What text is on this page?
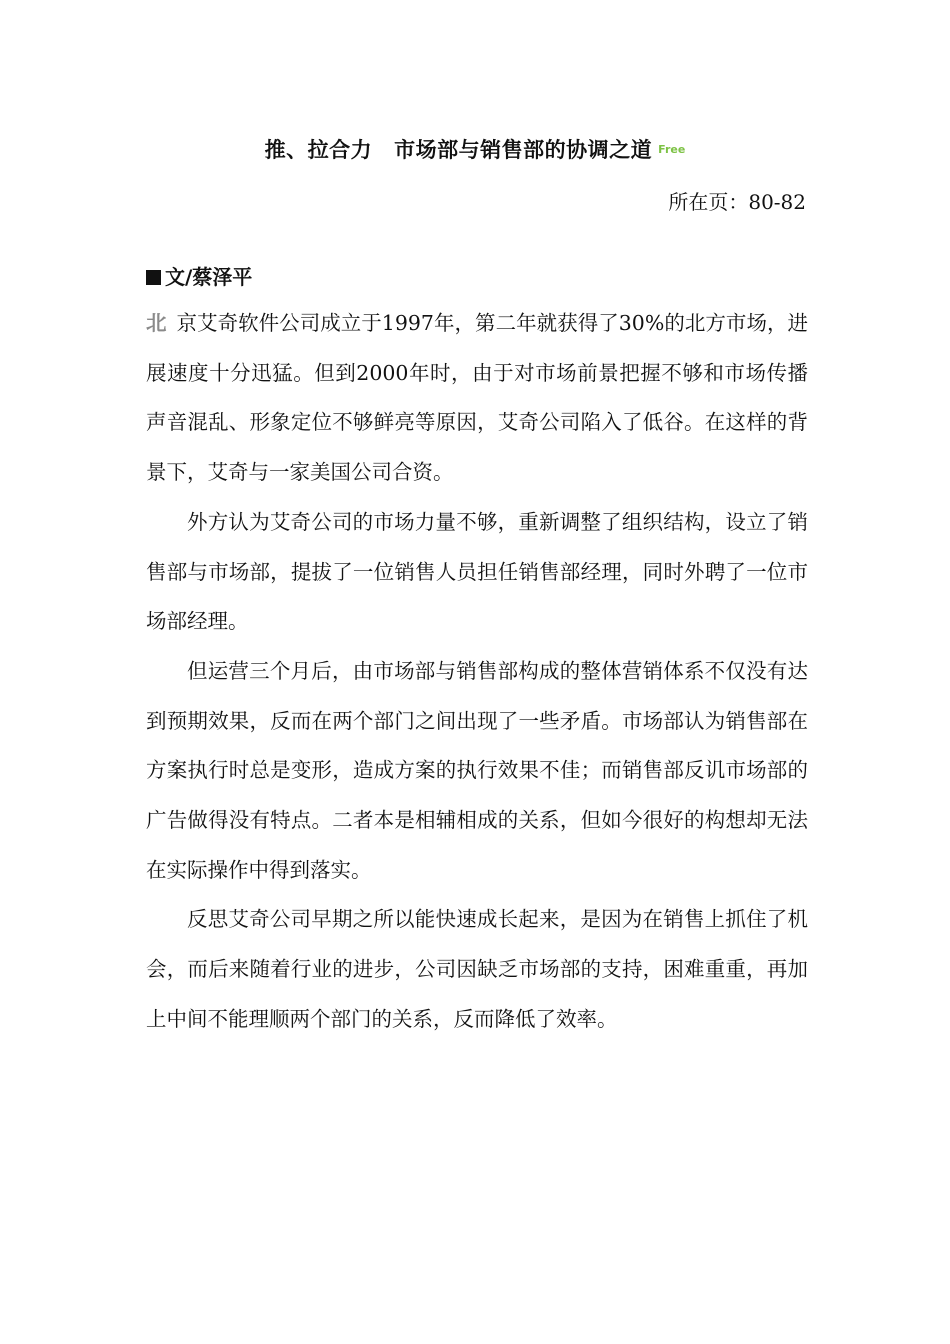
推、拉合力 市场部与销售部的协调之道 Free
所在页：80-82
文/蔡泽平

北 京艾奇软件公司成立于1997年，第二年就获得了30%的北方市场，进展速度十分迅猛。但到2000年时，由于对市场前景把握不够和市场传播声音混乱、形象定位不够鲜亮等原因，艾奇公司陷入了低谷。在这样的背景下，艾奇与一家美国公司合资。

外方认为艾奇公司的市场力量不够，重新调整了组织结构，设立了销售部与市场部，提拔了一位销售人员担任销售部经理，同时外聘了一位市场部经理。

但运营三个月后，由市场部与销售部构成的整体营销体系不仅没有达到预期效果，反而在两个部门之间出现了一些矛盾。市场部认为销售部在方案执行时总是变形，造成方案的执行效果不佳；而销售部反讥市场部的广告做得没有特点。二者本是相辅相成的关系，但如今很好的构想却无法在实际操作中得到落实。

反思艾奇公司早期之所以能快速成长起来，是因为在销售上抓住了机会，而后来随着行业的进步，公司因缺乏市场部的支持，困难重重，再加上中间不能理顺两个部门的关系，反而降低了效率。
